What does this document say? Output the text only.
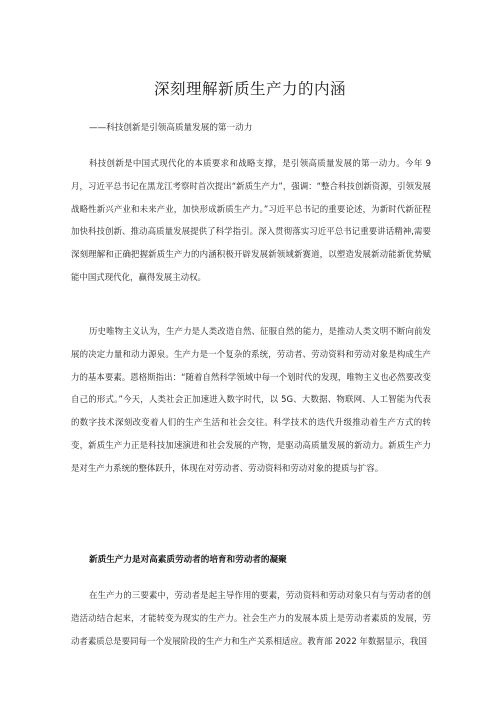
深刻理解新质生产力的内涵
——科技创新是引领高质量发展的第一动力

科技创新是中国式现代化的本质要求和战略支撑，是引领高质量发展的第一动力。今年 9 月，习近平总书记在黑龙江考察时首次提出“新质生产力”，强调：“整合科技创新资源，引领发展战略性新兴产业和未来产业，加快形成新质生产力。”习近平总书记的重要论述，为新时代新征程加快科技创新、推动高质量发展提供了科学指引。深入贯彻落实习近平总书记重要讲话精神,需要深刻理解和正确把握新质生产力的内涵积极开辟发展新领域新赛道，以塑造发展新动能新优势赋能中国式现代化，赢得发展主动权。

历史唯物主义认为，生产力是人类改造自然、征服自然的能力，是推动人类文明不断向前发展的决定力量和动力源泉。生产力是一个复杂的系统，劳动者、劳动资料和劳动对象是构成生产力的基本要素。恩格斯指出：“随着自然科学领域中每一个划时代的发现，唯物主义也必然要改变自己的形式。”今天，人类社会正加速进入数字时代，以 5G、大数据、物联网、人工智能为代表的数字技术深刻改变着人们的生产生活和社会交往。科学技术的迭代升级推动着生产方式的转变，新质生产力正是科技加速演进和社会发展的产物，是驱动高质量发展的新动力。新质生产力是对生产力系统的整体跃升，体现在对劳动者、劳动资料和劳动对象的提质与扩容。

新质生产力是对高素质劳动者的培育和劳动者的凝聚

在生产力的三要素中，劳动者是起主导作用的要素，劳动资料和劳动对象只有与劳动者的创造活动结合起来，才能转变为现实的生产力。社会生产力的发展本质上是劳动者素质的发展，劳动者素质总是要同每一个发展阶段的生产力和生产关系相适应。教育部 2022 年数据显示，我国
